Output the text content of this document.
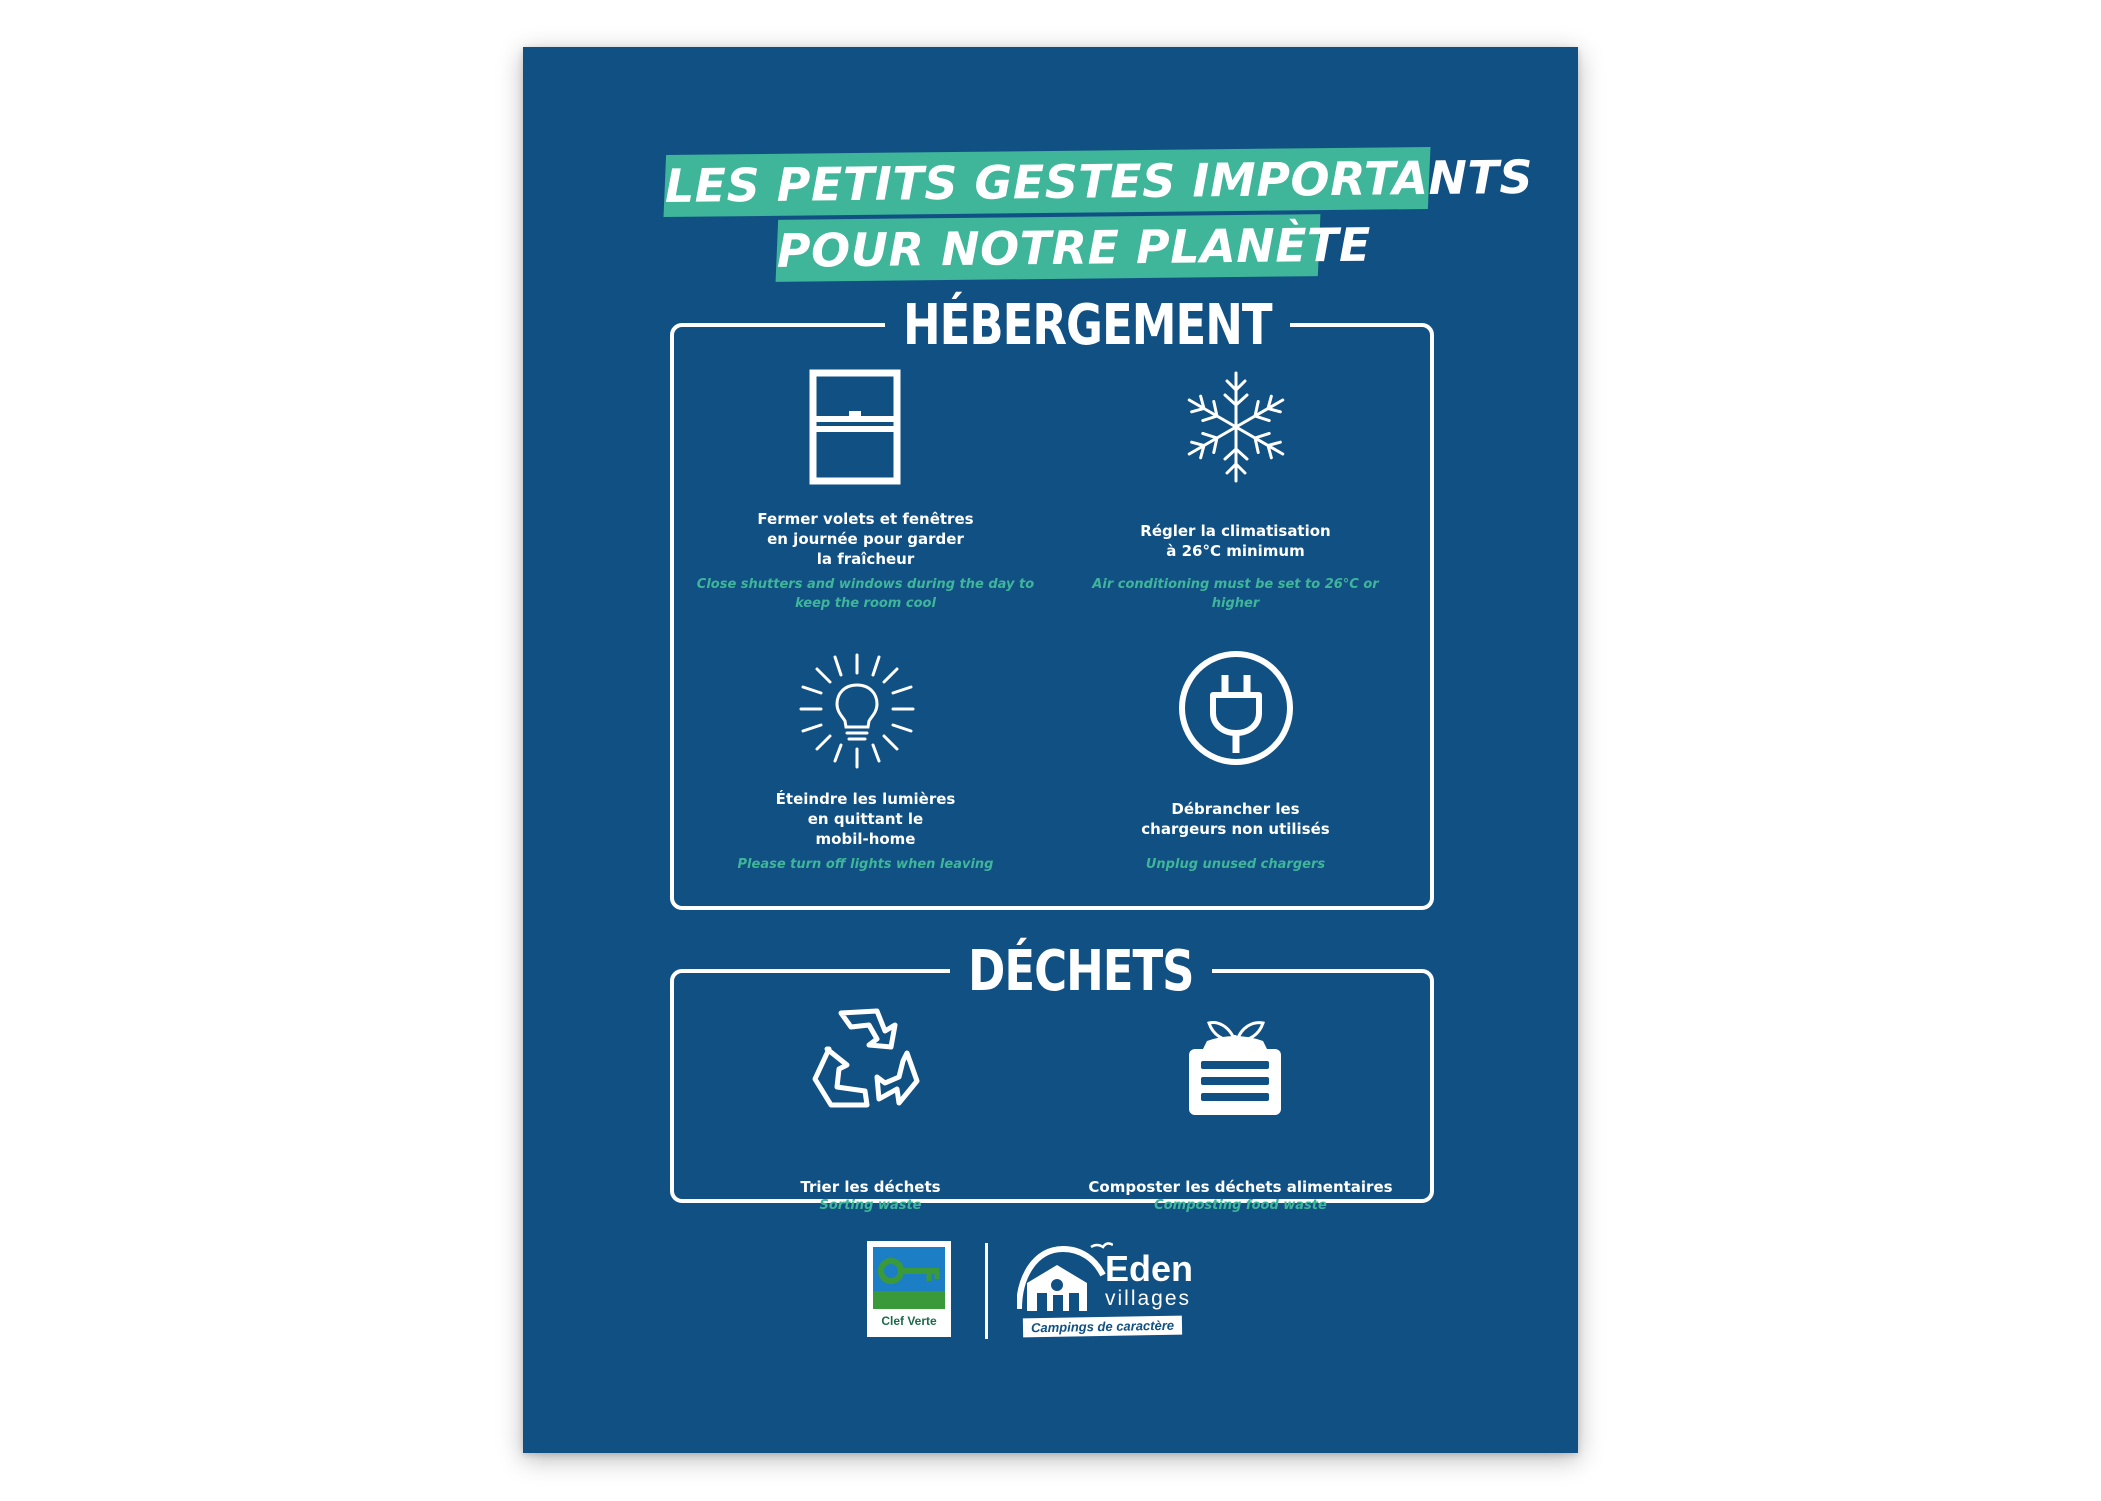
LES PETITS GESTES IMPORTANTS
POUR NOTRE PLANÈTE
HÉBERGEMENT
Fermer volets et fenêtres
en journée pour garder
la fraîcheur
Close shutters and windows during the day to
keep the room cool
Régler la climatisation
à 26°C minimum
Air conditioning must be set to 26°C or higher
Éteindre les lumières
en quittant le
mobil-home
Please turn off lights when leaving
Débrancher les
chargeurs non utilisés
Unplug unused chargers
DÉCHETS
Trier les déchets
Sorting waste
Composter les déchets alimentaires
Composting food waste
Clef Verte
Eden
villages
Campings de caractère
